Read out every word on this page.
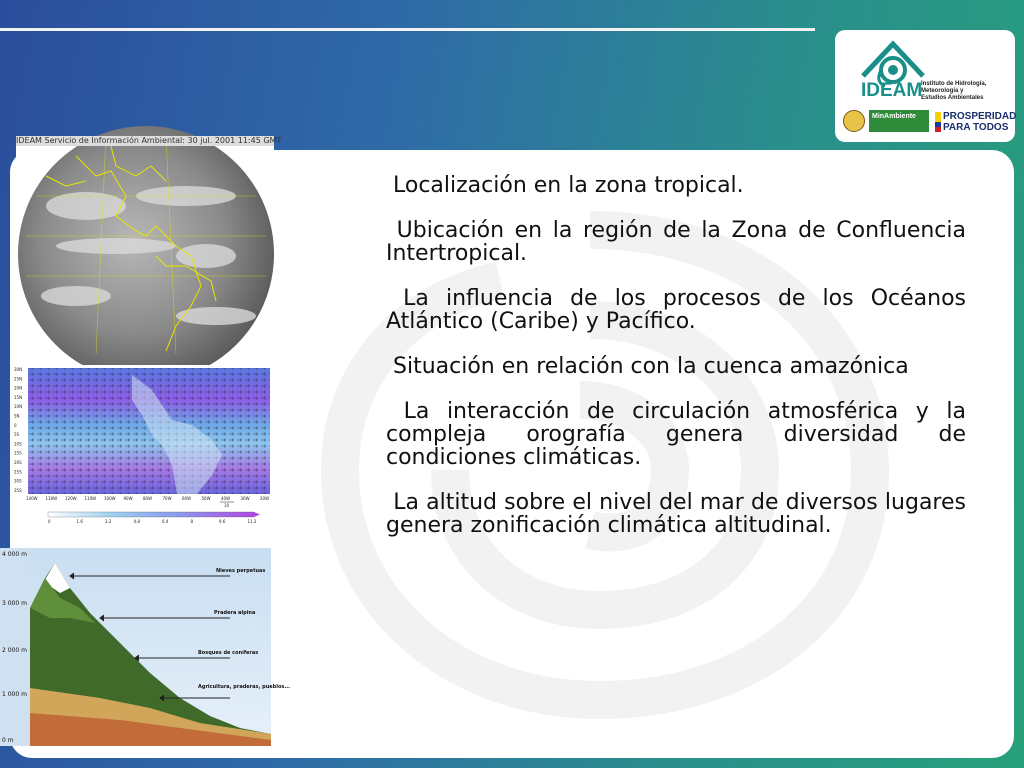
IDEAM
Instituto de Hidrología,
Meteorología y
Estudios Ambientales
MinAmbiente	PROSPERIDAD
PARA TODOS
IDEAM Servicio de Información Ambiental: 30 jul. 2001 11:45 GMT
30N
25N
20N
15N
10N
5N
0
5S
10S
15S
20S
25S
30S
35S
140W 130W 120W 110W 100W 90W	80W	70W	60W	50W	40W	30W	20W
0	1.6	3.2	4.8	6.4	8	9.6	11.2
10
Nieves perpetuas
Pradera alpina
Bosques de coníferas
Agricultura, praderas, pueblos...
4 000 m
3 000 m
2 000 m
1 000 m
0 m

Localización en la zona tropical.

Ubicación en la región de la Zona de Confluencia Intertropical.

La influencia de los procesos de los Océanos Atlántico (Caribe) y Pacífico.

Situación en relación con la cuenca amazónica

La interacción de circulación atmosférica y la compleja orografía genera diversidad de condiciones climáticas.

La altitud sobre el nivel del mar de diversos lugares genera zonificación climática altitudinal.
